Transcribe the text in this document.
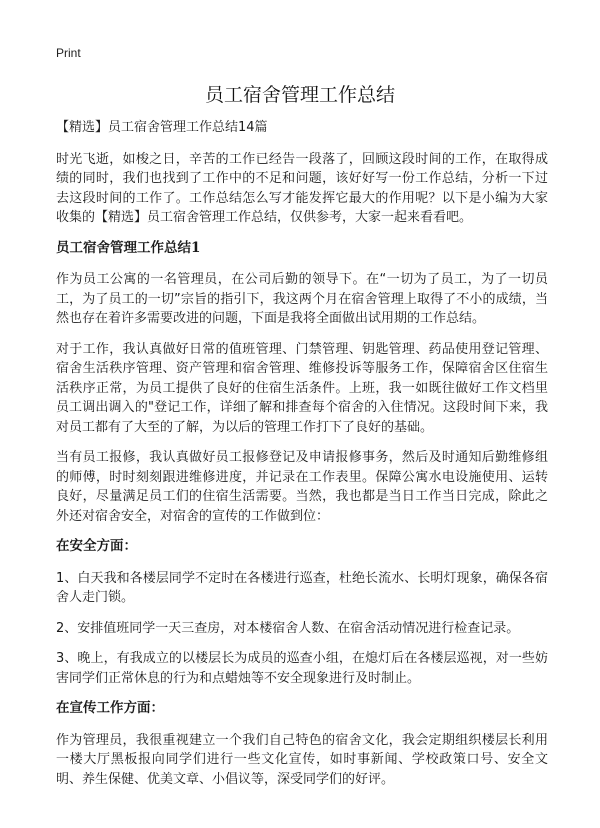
Print
员工宿舍管理工作总结

【精选】员工宿舍管理工作总结14篇

时光飞逝，如梭之日，辛苦的工作已经告一段落了，回顾这段时间的工作，在取得成绩的同时，我们也找到了工作中的不足和问题，该好好写一份工作总结，分析一下过去这段时间的工作了。工作总结怎么写才能发挥它最大的作用呢？以下是小编为大家收集的【精选】员工宿舍管理工作总结，仅供参考，大家一起来看看吧。

员工宿舍管理工作总结1

作为员工公寓的一名管理员，在公司后勤的领导下。在“一切为了员工，为了一切员工，为了员工的一切”宗旨的指引下，我这两个月在宿舍管理上取得了不小的成绩，当然也存在着许多需要改进的问题，下面是我将全面做出试用期的工作总结。

对于工作，我认真做好日常的值班管理、门禁管理、钥匙管理、药品使用登记管理、宿舍生活秩序管理、资产管理和宿舍管理、维修投诉等服务工作，保障宿舍区住宿生活秩序正常，为员工提供了良好的住宿生活条件。上班，我一如既往做好工作文档里员工调出调入的"登记工作，详细了解和排查每个宿舍的入住情况。这段时间下来，我对员工都有了大至的了解，为以后的管理工作打下了良好的基础。

当有员工报修，我认真做好员工报修登记及申请报修事务，然后及时通知后勤维修组的师傅，时时刻刻跟进维修进度，并记录在工作表里。保障公寓水电设施使用、运转良好，尽量满足员工们的住宿生活需要。当然，我也都是当日工作当日完成，除此之外还对宿舍安全，对宿舍的宣传的工作做到位：

在安全方面：

1、白天我和各楼层同学不定时在各楼进行巡查，杜绝长流水、长明灯现象，确保各宿舍人走门锁。

2、安排值班同学一天三查房，对本楼宿舍人数、在宿舍活动情况进行检查记录。

3、晚上，有我成立的以楼层长为成员的巡查小组，在熄灯后在各楼层巡视，对一些妨害同学们正常休息的行为和点蜡烛等不安全现象进行及时制止。

在宣传工作方面：

作为管理员，我很重视建立一个我们自己特色的宿舍文化，我会定期组织楼层长利用一楼大厅黑板报向同学们进行一些文化宣传，如时事新闻、学校政策口号、安全文明、养生保健、优美文章、小倡议等，深受同学们的好评。
